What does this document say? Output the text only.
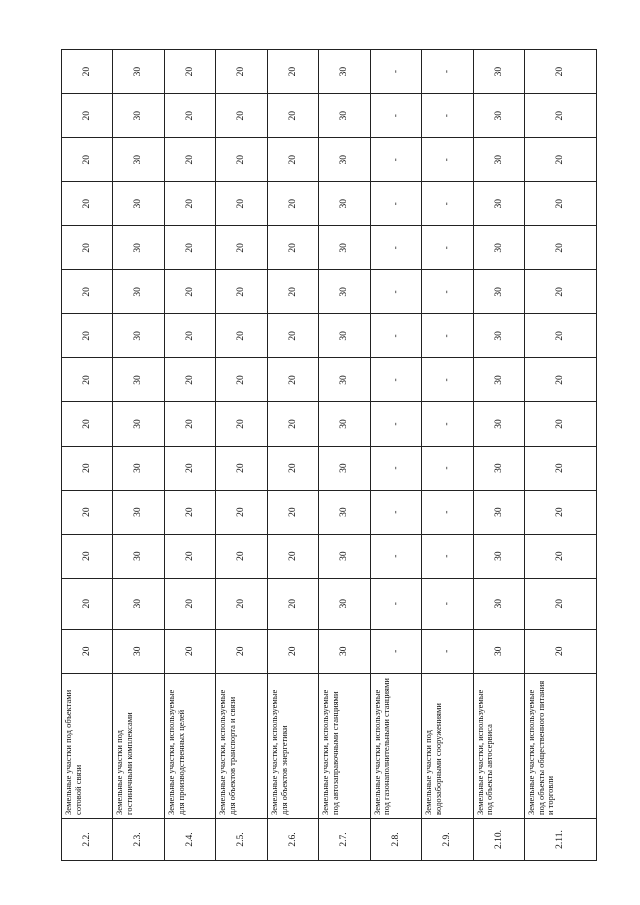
2.2.	Земельные участки под объектами сотовой связи	20	20	20	20	20	20	20	20	20	20	20	20	20	20
2.3.	Земельные участки под гостиничными комплексами	30	30	30	30	30	30	30	30	30	30	30	30	30	30
2.4.	Земельные участки, используемые для производственных целей	20	20	20	20	20	20	20	20	20	20	20	20	20	20
2.5.	Земельные участки, используемые для объектов транспорта и связи	20	20	20	20	20	20	20	20	20	20	20	20	20	20
2.6.	Земельные участки, используемые для объектов энергетики	20	20	20	20	20	20	20	20	20	20	20	20	20	20
2.7.	Земельные участки, используемые под автозаправочными станциями	30	30	30	30	30	30	30	30	30	30	30	30	30	30
2.8.	Земельные участки, используемые под газонаполнительными станциями	-	-	-	-	-	-	-	-	-	-	-	-	-	-
2.9.	Земельные участки под водозаборными сооружениями	-	-	-	-	-	-	-	-	-	-	-	-	-	-
2.10.	Земельные участки, используемые под объекты автосервиса	30	30	30	30	30	30	30	30	30	30	30	30	30	30
2.11.	Земельные участки, используемые под объекты общественного питания и торговли	20	20	20	20	20	20	20	20	20	20	20	20	20	20
